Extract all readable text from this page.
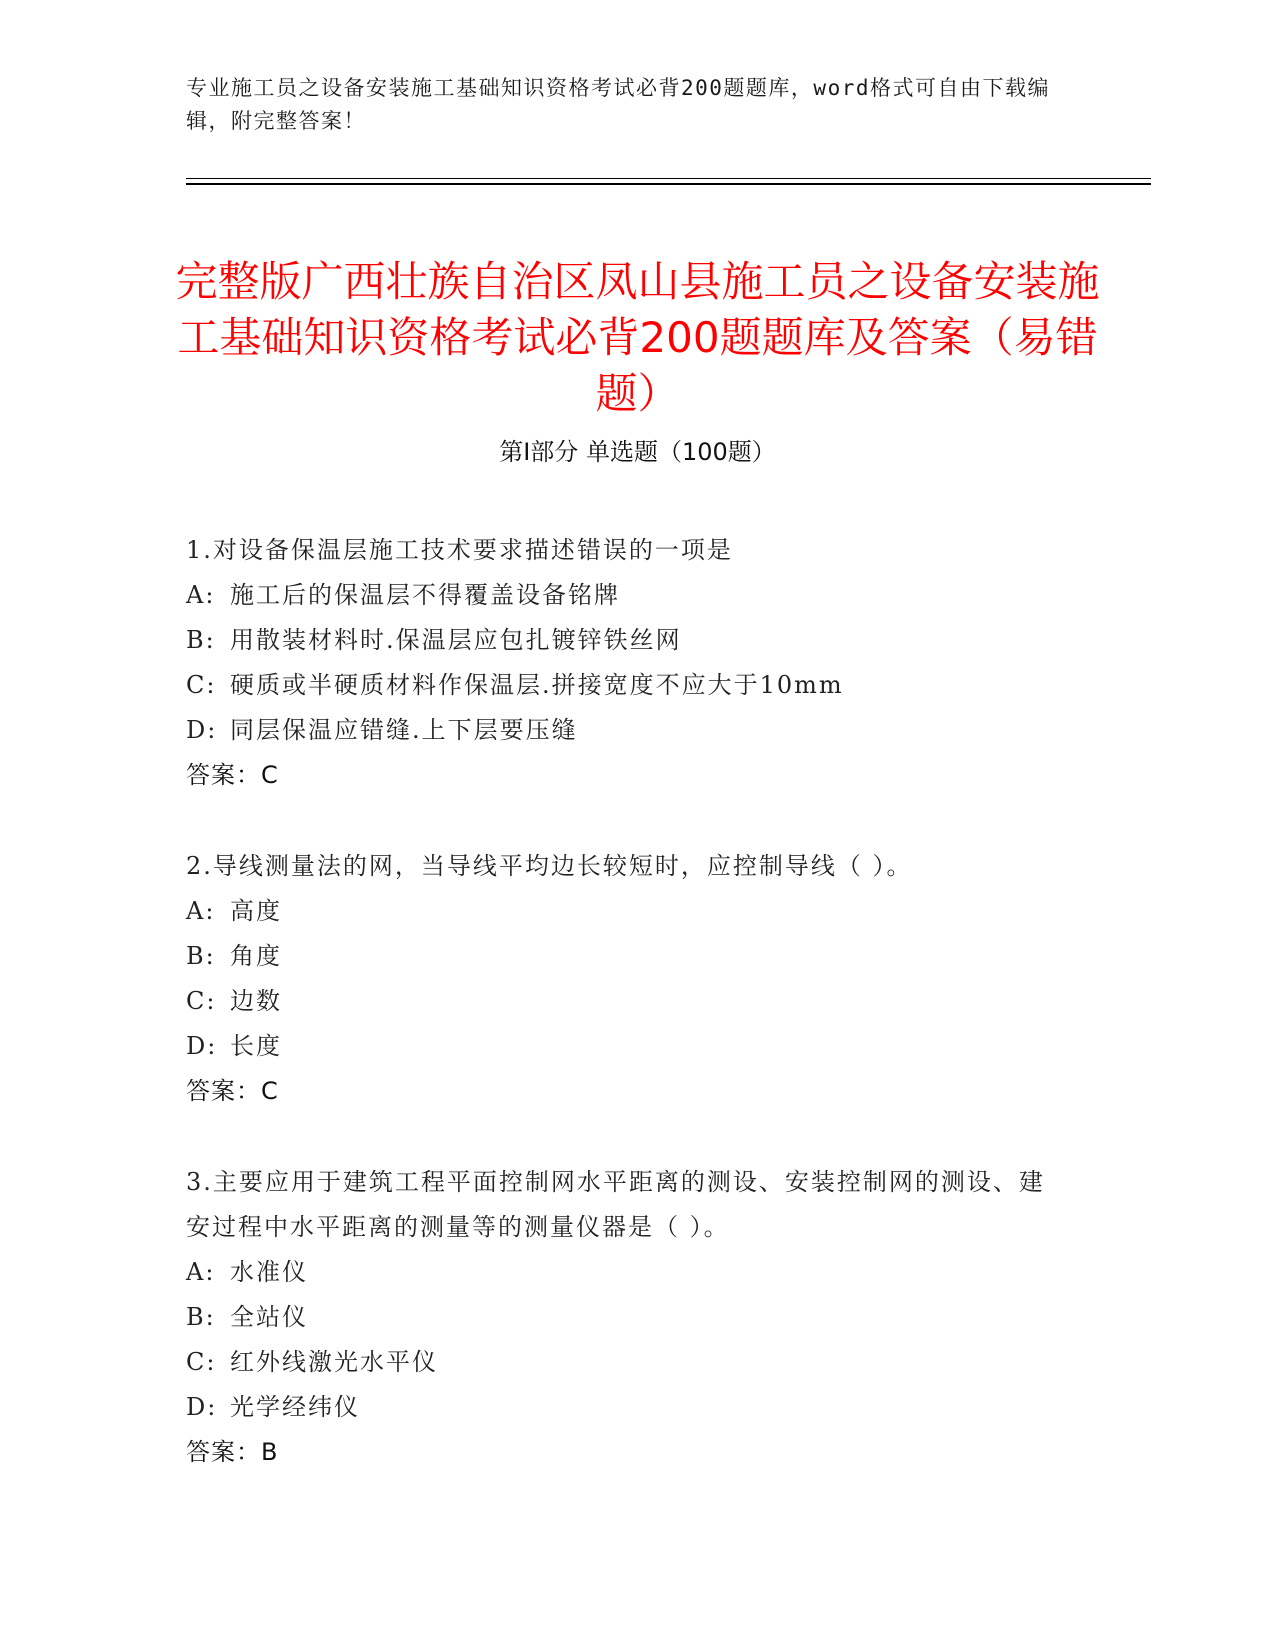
专业施工员之设备安装施工基础知识资格考试必背200题题库，word格式可自由下载编辑，附完整答案！
完整版广西壮族自治区凤山县施工员之设备安装施工基础知识资格考试必背200题题库及答案（易错题）
第Ⅰ部分 单选题（100题）
1.对设备保温层施工技术要求描述错误的一项是
A: 施工后的保温层不得覆盖设备铭牌
B: 用散装材料时.保温层应包扎镀锌铁丝网
C: 硬质或半硬质材料作保温层.拼接宽度不应大于10mm
D: 同层保温应错缝.上下层要压缝
答案：C
2.导线测量法的网，当导线平均边长较短时，应控制导线（ ）。
A: 高度
B: 角度
C: 边数
D: 长度
答案：C
3.主要应用于建筑工程平面控制网水平距离的测设、安装控制网的测设、建安过程中水平距离的测量等的测量仪器是（ ）。
A: 水准仪
B: 全站仪
C: 红外线激光水平仪
D: 光学经纬仪
答案：B
